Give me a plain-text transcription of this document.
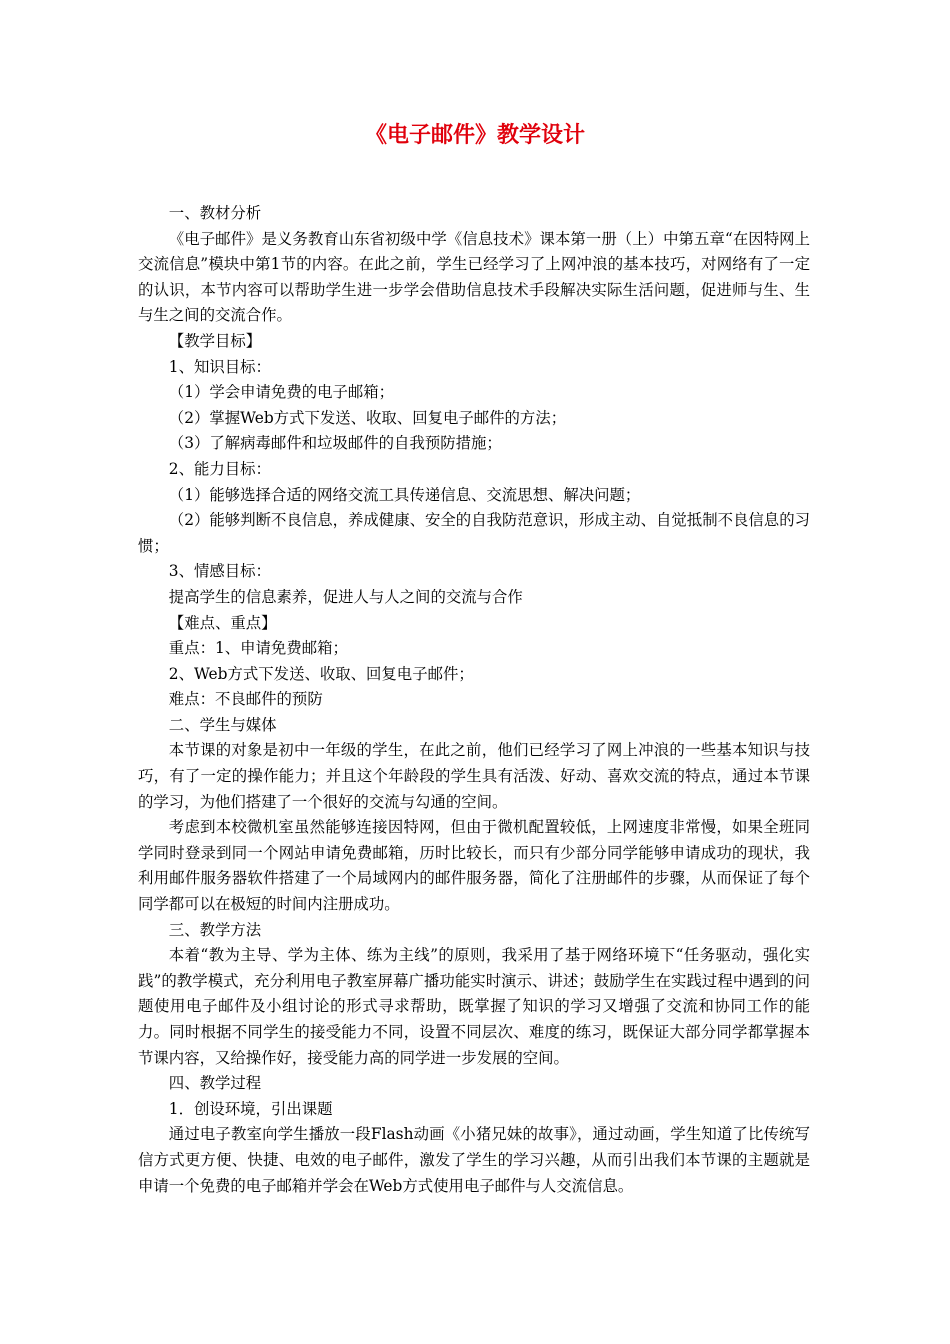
《电子邮件》教学设计

一、教材分析

《电子邮件》是义务教育山东省初级中学《信息技术》课本第一册（上）中第五章“在因特网上交流信息”模块中第1节的内容。在此之前，学生已经学习了上网冲浪的基本技巧，对网络有了一定的认识，本节内容可以帮助学生进一步学会借助信息技术手段解决实际生活问题，促进师与生、生与生之间的交流合作。

【教学目标】

1、知识目标：

（1）学会申请免费的电子邮箱；

（2）掌握Web方式下发送、收取、回复电子邮件的方法；

（3）了解病毒邮件和垃圾邮件的自我预防措施；

2、能力目标：

（1）能够选择合适的网络交流工具传递信息、交流思想、解决问题；

（2）能够判断不良信息，养成健康、安全的自我防范意识，形成主动、自觉抵制不良信息的习惯；

3、情感目标：

提高学生的信息素养，促进人与人之间的交流与合作

【难点、重点】

重点：1、申请免费邮箱；

2、Web方式下发送、收取、回复电子邮件；

难点：不良邮件的预防

二、学生与媒体

本节课的对象是初中一年级的学生，在此之前，他们已经学习了网上冲浪的一些基本知识与技巧，有了一定的操作能力；并且这个年龄段的学生具有活泼、好动、喜欢交流的特点，通过本节课的学习，为他们搭建了一个很好的交流与勾通的空间。

考虑到本校微机室虽然能够连接因特网，但由于微机配置较低，上网速度非常慢，如果全班同学同时登录到同一个网站申请免费邮箱，历时比较长，而只有少部分同学能够申请成功的现状，我利用邮件服务器软件搭建了一个局域网内的邮件服务器，简化了注册邮件的步骤，从而保证了每个同学都可以在极短的时间内注册成功。

三、教学方法

本着“教为主导、学为主体、练为主线”的原则，我采用了基于网络环境下“任务驱动，强化实践”的教学模式，充分利用电子教室屏幕广播功能实时演示、讲述；鼓励学生在实践过程中遇到的问题使用电子邮件及小组讨论的形式寻求帮助，既掌握了知识的学习又增强了交流和协同工作的能力。同时根据不同学生的接受能力不同，设置不同层次、难度的练习，既保证大部分同学都掌握本节课内容，又给操作好，接受能力高的同学进一步发展的空间。

四、教学过程

1．创设环境，引出课题

通过电子教室向学生播放一段Flash动画《小猪兄妹的故事》，通过动画，学生知道了比传统写信方式更方便、快捷、电效的电子邮件，激发了学生的学习兴趣，从而引出我们本节课的主题就是申请一个免费的电子邮箱并学会在Web方式使用电子邮件与人交流信息。
